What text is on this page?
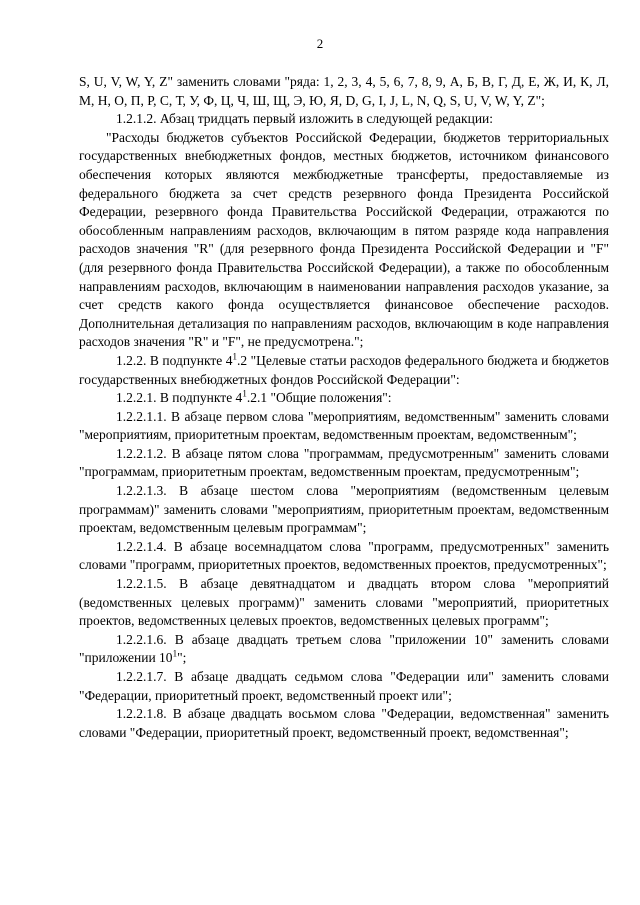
2

S, U, V, W, Y, Z" заменить словами "ряда: 1, 2, 3, 4, 5, 6, 7, 8, 9, А, Б, В, Г, Д, Е, Ж, И, К, Л, М, Н, О, П, Р, С, Т, У, Ф, Ц, Ч, Ш, Щ, Э, Ю, Я, D, G, I, J, L, N, Q, S, U, V, W, Y, Z";

1.2.1.2. Абзац тридцать первый изложить в следующей редакции:

"Расходы бюджетов субъектов Российской Федерации, бюджетов территориальных государственных внебюджетных фондов, местных бюджетов, источником финансового обеспечения которых являются межбюджетные трансферты, предоставляемые из федерального бюджета за счет средств резервного фонда Президента Российской Федерации, резервного фонда Правительства Российской Федерации, отражаются по обособленным направлениям расходов, включающим в пятом разряде кода направления расходов значения "R" (для резервного фонда Президента Российской Федерации и "F" (для резервного фонда Правительства Российской Федерации), а также по обособленным направлениям расходов, включающим в наименовании направления расходов указание, за счет средств какого фонда осуществляется финансовое обеспечение расходов. Дополнительная детализация по направлениям расходов, включающим в коде направления расходов значения "R" и "F", не предусмотрена.";

1.2.2. В подпункте $4^1.2$ "Целевые статьи расходов федерального бюджета и бюджетов государственных внебюджетных фондов Российской Федерации":

1.2.2.1. В подпункте $4^1.2.1$ "Общие положения":

1.2.2.1.1. В абзаце первом слова "мероприятиям, ведомственным" заменить словами "мероприятиям, приоритетным проектам, ведомственным проектам, ведомственным";

1.2.2.1.2. В абзаце пятом слова "программам, предусмотренным" заменить словами "программам, приоритетным проектам, ведомственным проектам, предусмотренным";

1.2.2.1.3. В абзаце шестом слова "мероприятиям (ведомственным целевым программам)" заменить словами "мероприятиям, приоритетным проектам, ведомственным проектам, ведомственным целевым программам";

1.2.2.1.4. В абзаце восемнадцатом слова "программ, предусмотренных" заменить словами "программ, приоритетных проектов, ведомственных проектов, предусмотренных";

1.2.2.1.5. В абзаце девятнадцатом и двадцать втором слова "мероприятий (ведомственных целевых программ)" заменить словами "мероприятий, приоритетных проектов, ведомственных целевых проектов, ведомственных целевых программ";

1.2.2.1.6. В абзаце двадцать третьем слова "приложении 10" заменить словами "приложении $10^1$";

1.2.2.1.7. В абзаце двадцать седьмом слова "Федерации или" заменить словами "Федерации, приоритетный проект, ведомственный проект или";

1.2.2.1.8. В абзаце двадцать восьмом слова "Федерации, ведомственная" заменить словами "Федерации, приоритетный проект, ведомственный проект, ведомственная";
